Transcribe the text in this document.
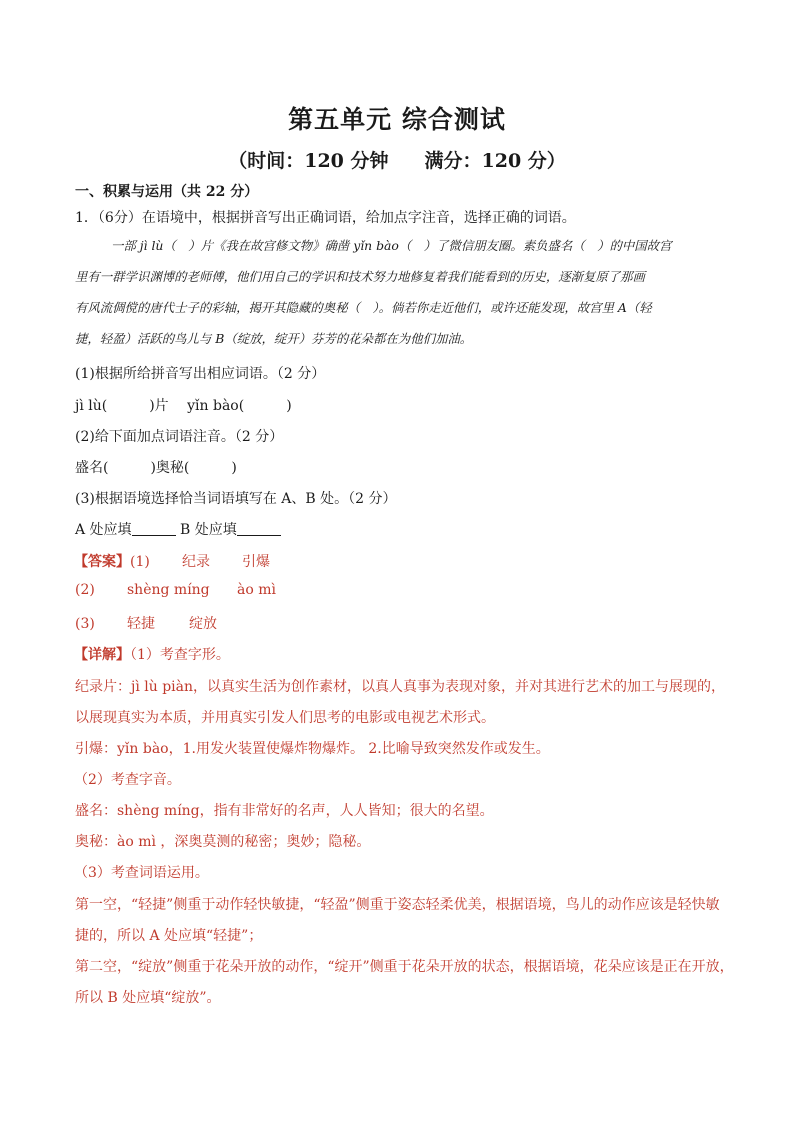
第五单元 综合测试
（时间：120 分钟 满分：120 分）
一、积累与运用（共 22 分）
1．（6分）在语境中，根据拼音写出正确词语，给加点字注音，选择正确的词语。

一部 jì lù（　）片《我在故宫修文物》确凿 yǐn bào（　）了微信朋友圈。素负盛名（　）的中国故宫

里有一群学识渊博的老师傅，他们用自己的学识和技术努力地修复着我们能看到的历史，逐渐复原了那画

有风流倜傥的唐代士子的彩轴，揭开其隐藏的奥秘（　）。倘若你走近他们，或许还能发现，故宫里 A（轻

捷，轻盈）活跃的鸟儿与 B（绽放，绽开）芬芳的花朵都在为他们加油。

(1)根据所给拼音写出相应词语。（2 分）
jì lù(　　　)片　 yǐn bào(　　　)
(2)给下面加点词语注音。（2 分）
盛名(　　　)奥秘(　　　)
(3)根据语境选择恰当词语填写在 A、B 处。（2 分）
A 处应填	B 处应填
【答案】(1) 纪录 引爆
(2) shèng míng ào mì
(3) 轻捷 绽放
【详解】（1）考查字形。
纪录片：jì lù piàn，以真实生活为创作素材，以真人真事为表现对象，并对其进行艺术的加工与展现的，
以展现真实为本质，并用真实引发人们思考的电影或电视艺术形式。
引爆：yǐn bào，1.用发火装置使爆炸物爆炸。 2.比喻导致突然发作或发生。
（2）考查字音。
盛名：shèng míng，指有非常好的名声，人人皆知；很大的名望。
奥秘：ào mì ，深奥莫测的秘密；奥妙；隐秘。
（3）考查词语运用。
第一空，“轻捷”侧重于动作轻快敏捷，“轻盈”侧重于姿态轻柔优美，根据语境，鸟儿的动作应该是轻快敏
捷的，所以 A 处应填“轻捷”；
第二空，“绽放”侧重于花朵开放的动作，“绽开”侧重于花朵开放的状态，根据语境，花朵应该是正在开放，
所以 B 处应填“绽放”。
